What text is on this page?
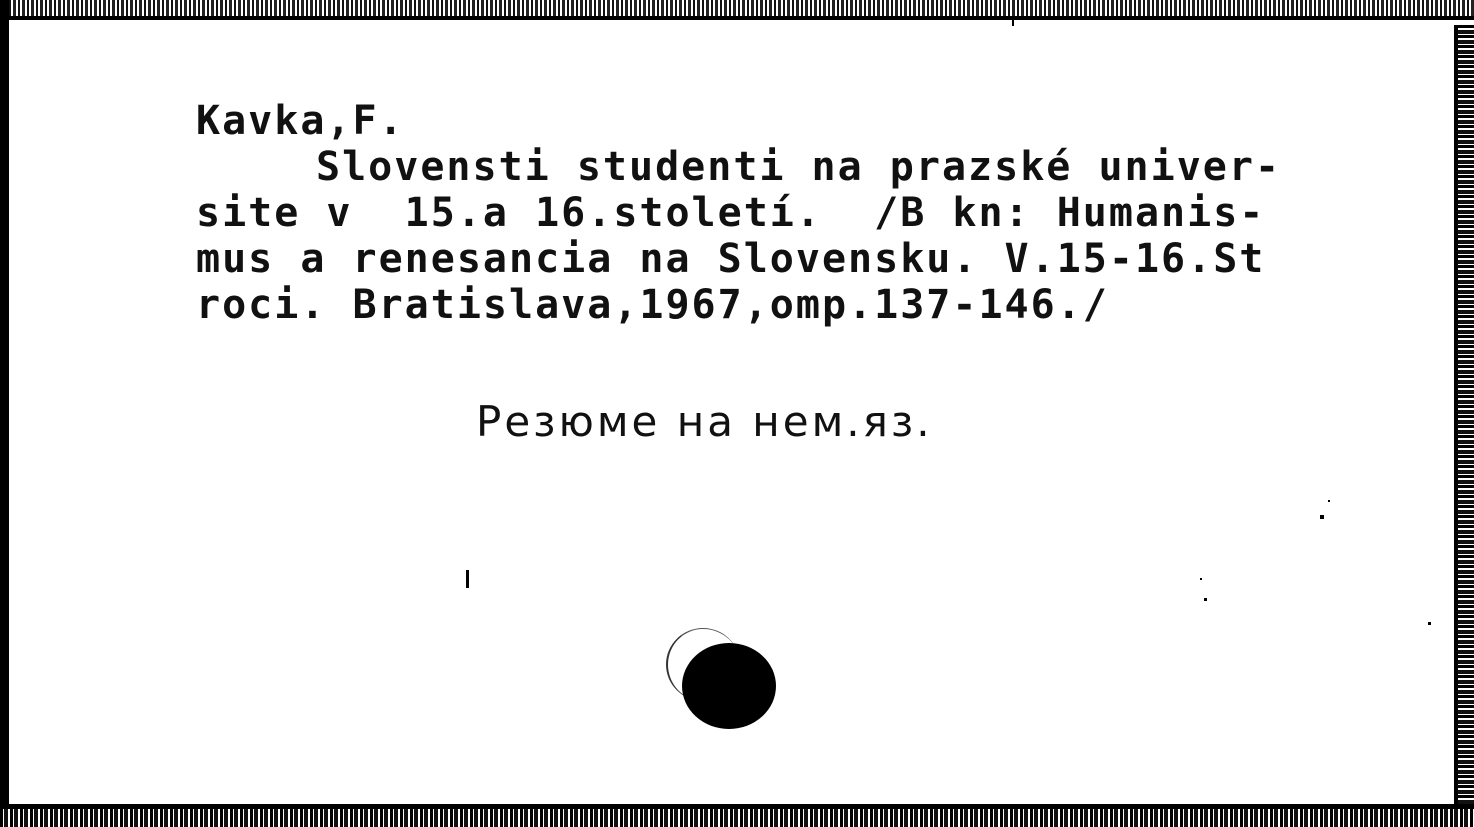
Kavka,F.
Slovensti studenti na prazské univer-
site v  15.a 16.století.  /B kn: Humanis-
mus a renesancia na Slovensku. V.15-16.St
roci. Bratislava,1967,omp.137-146./
Резюме на нем.яз.
